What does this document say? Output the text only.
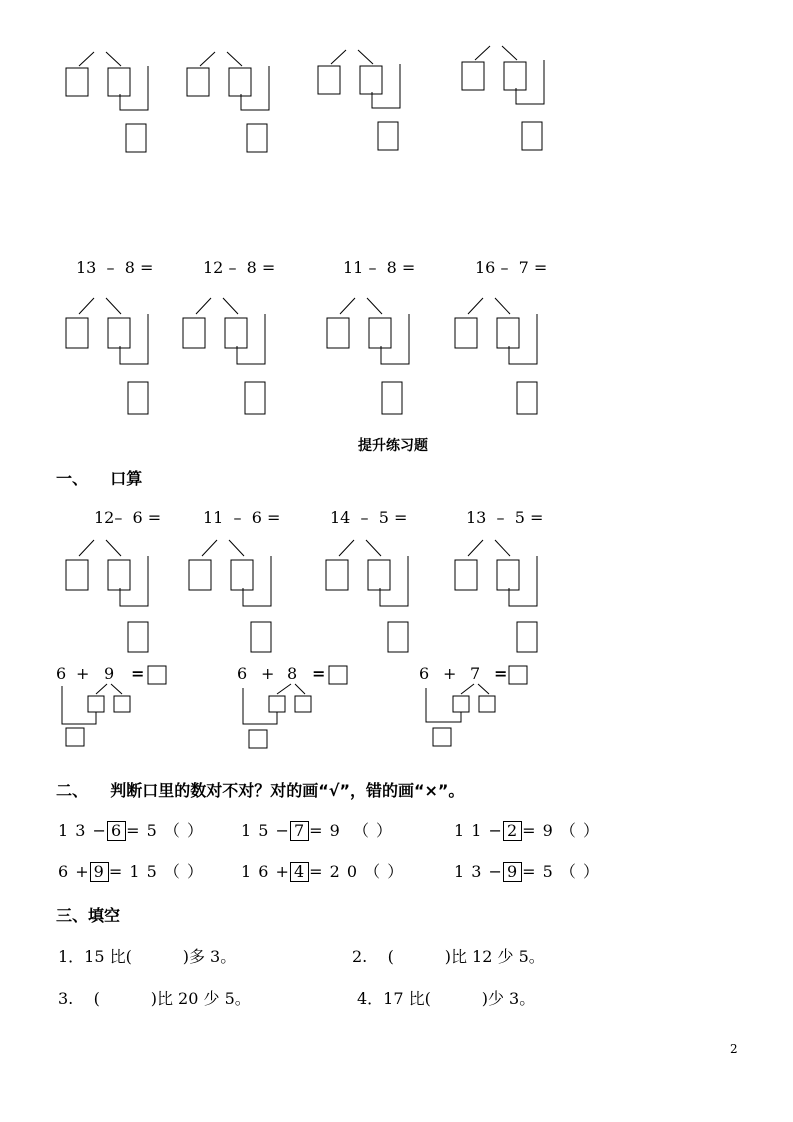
13  –  8 =	12 –  8 =	11 –  8 =	16 –  7 =
提升练习题
一、    口算
12–  6 =	11  –  6 =	14  –  5 =	13  –  5 =
6 + 9 =	6 + 8 =	6 + 7 =
二、    判断口里的数对不对？对的画“√”，错的画“×”。
1 3 − 6 = 5 （ ） 1 5 − 7 = 9  （ ）	1 1 − 2 = 9 （ ）
6 + 9 = 1 5 （ ） 1 6 + 4 = 2 0 （ ）	1 3 − 9 = 5 （ ）
三、填空
1．15 比(          )多 3。	2.    (          )比 12 少 5。
3.    (          )比 20 少 5。	4．17 比(          )少 3。
2
